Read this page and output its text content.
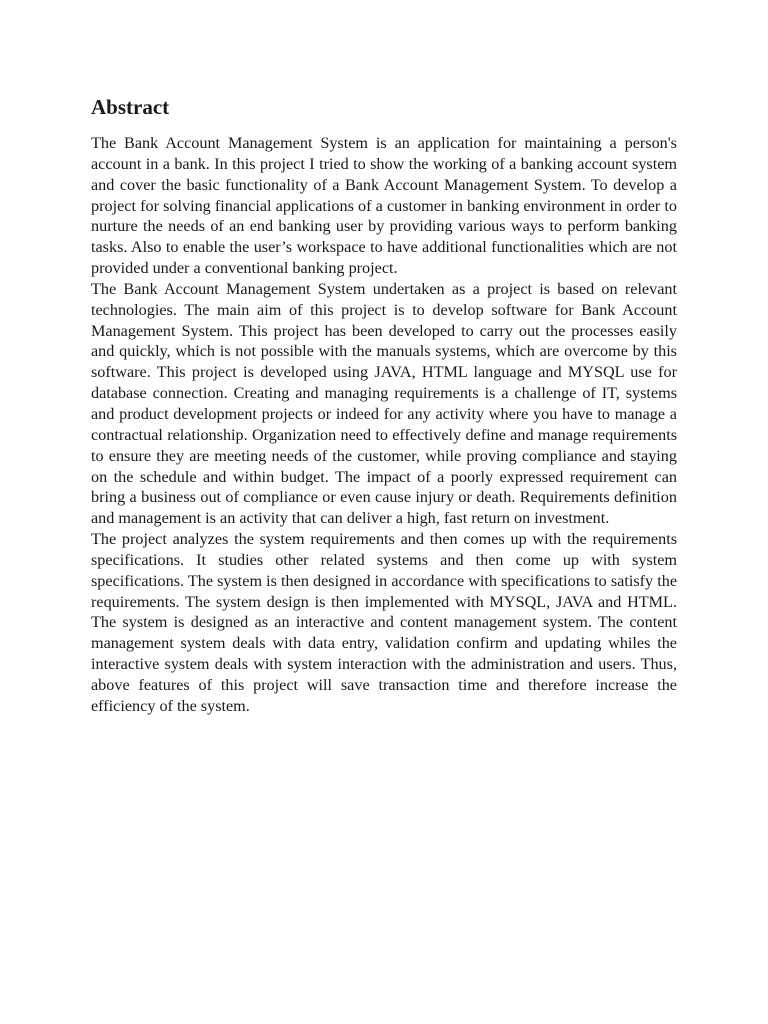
Abstract

The Bank Account Management System is an application for maintaining a person's account in a bank. In this project I tried to show the working of a banking account system and cover the basic functionality of a Bank Account Management System. To develop a project for solving financial applications of a customer in banking environment in order to nurture the needs of an end banking user by providing various ways to perform banking tasks. Also to enable the user’s workspace to have additional functionalities which are not provided under a conventional banking project.

The Bank Account Management System undertaken as a project is based on relevant technologies. The main aim of this project is to develop software for Bank Account Management System. This project has been developed to carry out the processes easily and quickly, which is not possible with the manuals systems, which are overcome by this software. This project is developed using JAVA, HTML language and MYSQL use for database connection. Creating and managing requirements is a challenge of IT, systems and product development projects or indeed for any activity where you have to manage a contractual relationship. Organization need to effectively define and manage requirements to ensure they are meeting needs of the customer, while proving compliance and staying on the schedule and within budget. The impact of a poorly expressed requirement can bring a business out of compliance or even cause injury or death. Requirements definition and management is an activity that can deliver a high, fast return on investment.

The project analyzes the system requirements and then comes up with the requirements specifications. It studies other related systems and then come up with system specifications. The system is then designed in accordance with specifications to satisfy the requirements. The system design is then implemented with MYSQL, JAVA and HTML. The system is designed as an interactive and content management system. The content management system deals with data entry, validation confirm and updating whiles the interactive system deals with system interaction with the administration and users. Thus, above features of this project will save transaction time and therefore increase the efficiency of the system.
